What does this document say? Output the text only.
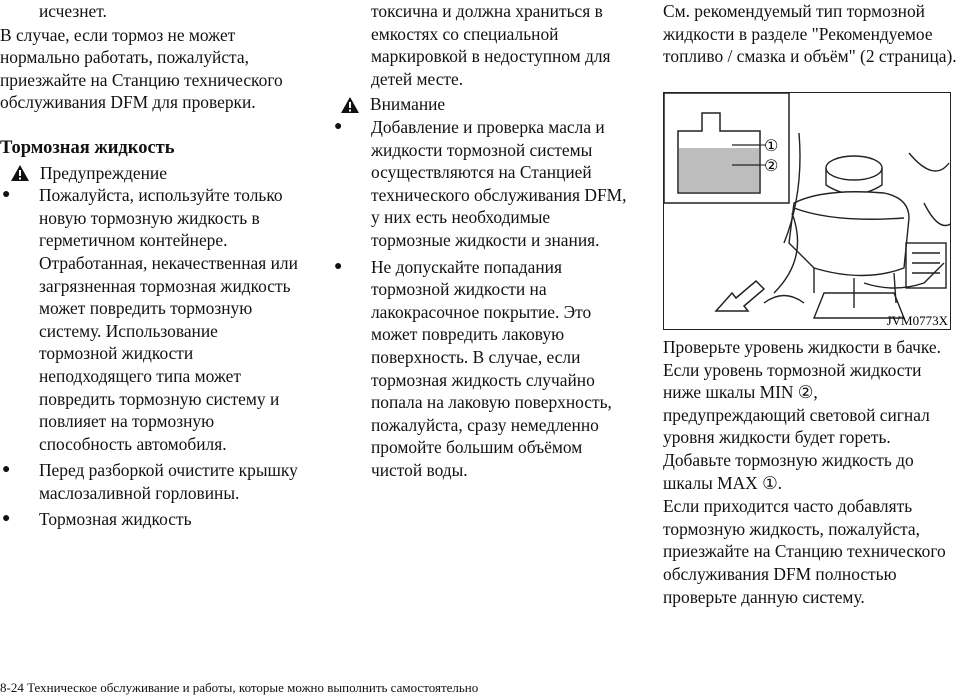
исчезнет.

В случае, если тормоз не может нормально работать, пожалуйста, приезжайте на Станцию технического обслуживания DFM для проверки.

Тормозная жидкость

Предупреждение
● Пожалуйста, используйте только новую тормозную жидкость в герметичном контейнере. Отработанная, некачественная или загрязненная тормозная жидкость может повредить тормозную систему. Использование тормозной жидкости неподходящего типа может повредить тормозную систему и повлияет на тормозную способность автомобиля.
● Перед разборкой очистите крышку маслозаливной горловины.
● Тормозная жидкость

токсична и должна храниться в емкостях со специальной маркировкой в недоступном для детей месте.

Внимание
● Добавление и проверка масла и жидкости тормозной системы осуществляются на Станцией технического обслуживания DFM, у них есть необходимые тормозные жидкости и знания.
● Не допускайте попадания тормозной жидкости на лакокрасочное покрытие. Это может повредить лаковую поверхность. В случае, если тормозная жидкость случайно попала на лаковую поверхность, пожалуйста, сразу немедленно промойте большим объёмом чистой воды.

См. рекомендуемый тип тормозной жидкости в разделе "Рекомендуемое топливо / смазка и объём" (2 страница).

①
②
JVM0773X

Проверьте уровень жидкости в бачке. Если уровень тормозной жидкости ниже шкалы MIN ②, предупреждающий световой сигнал уровня жидкости будет гореть. Добавьте тормозную жидкость до шкалы MAX ①.

Если приходится часто добавлять тормозную жидкость, пожалуйста, приезжайте на Станцию технического обслуживания DFM полностью проверьте данную систему.

8-24 Техническое обслуживание и работы, которые можно выполнить самостоятельно
